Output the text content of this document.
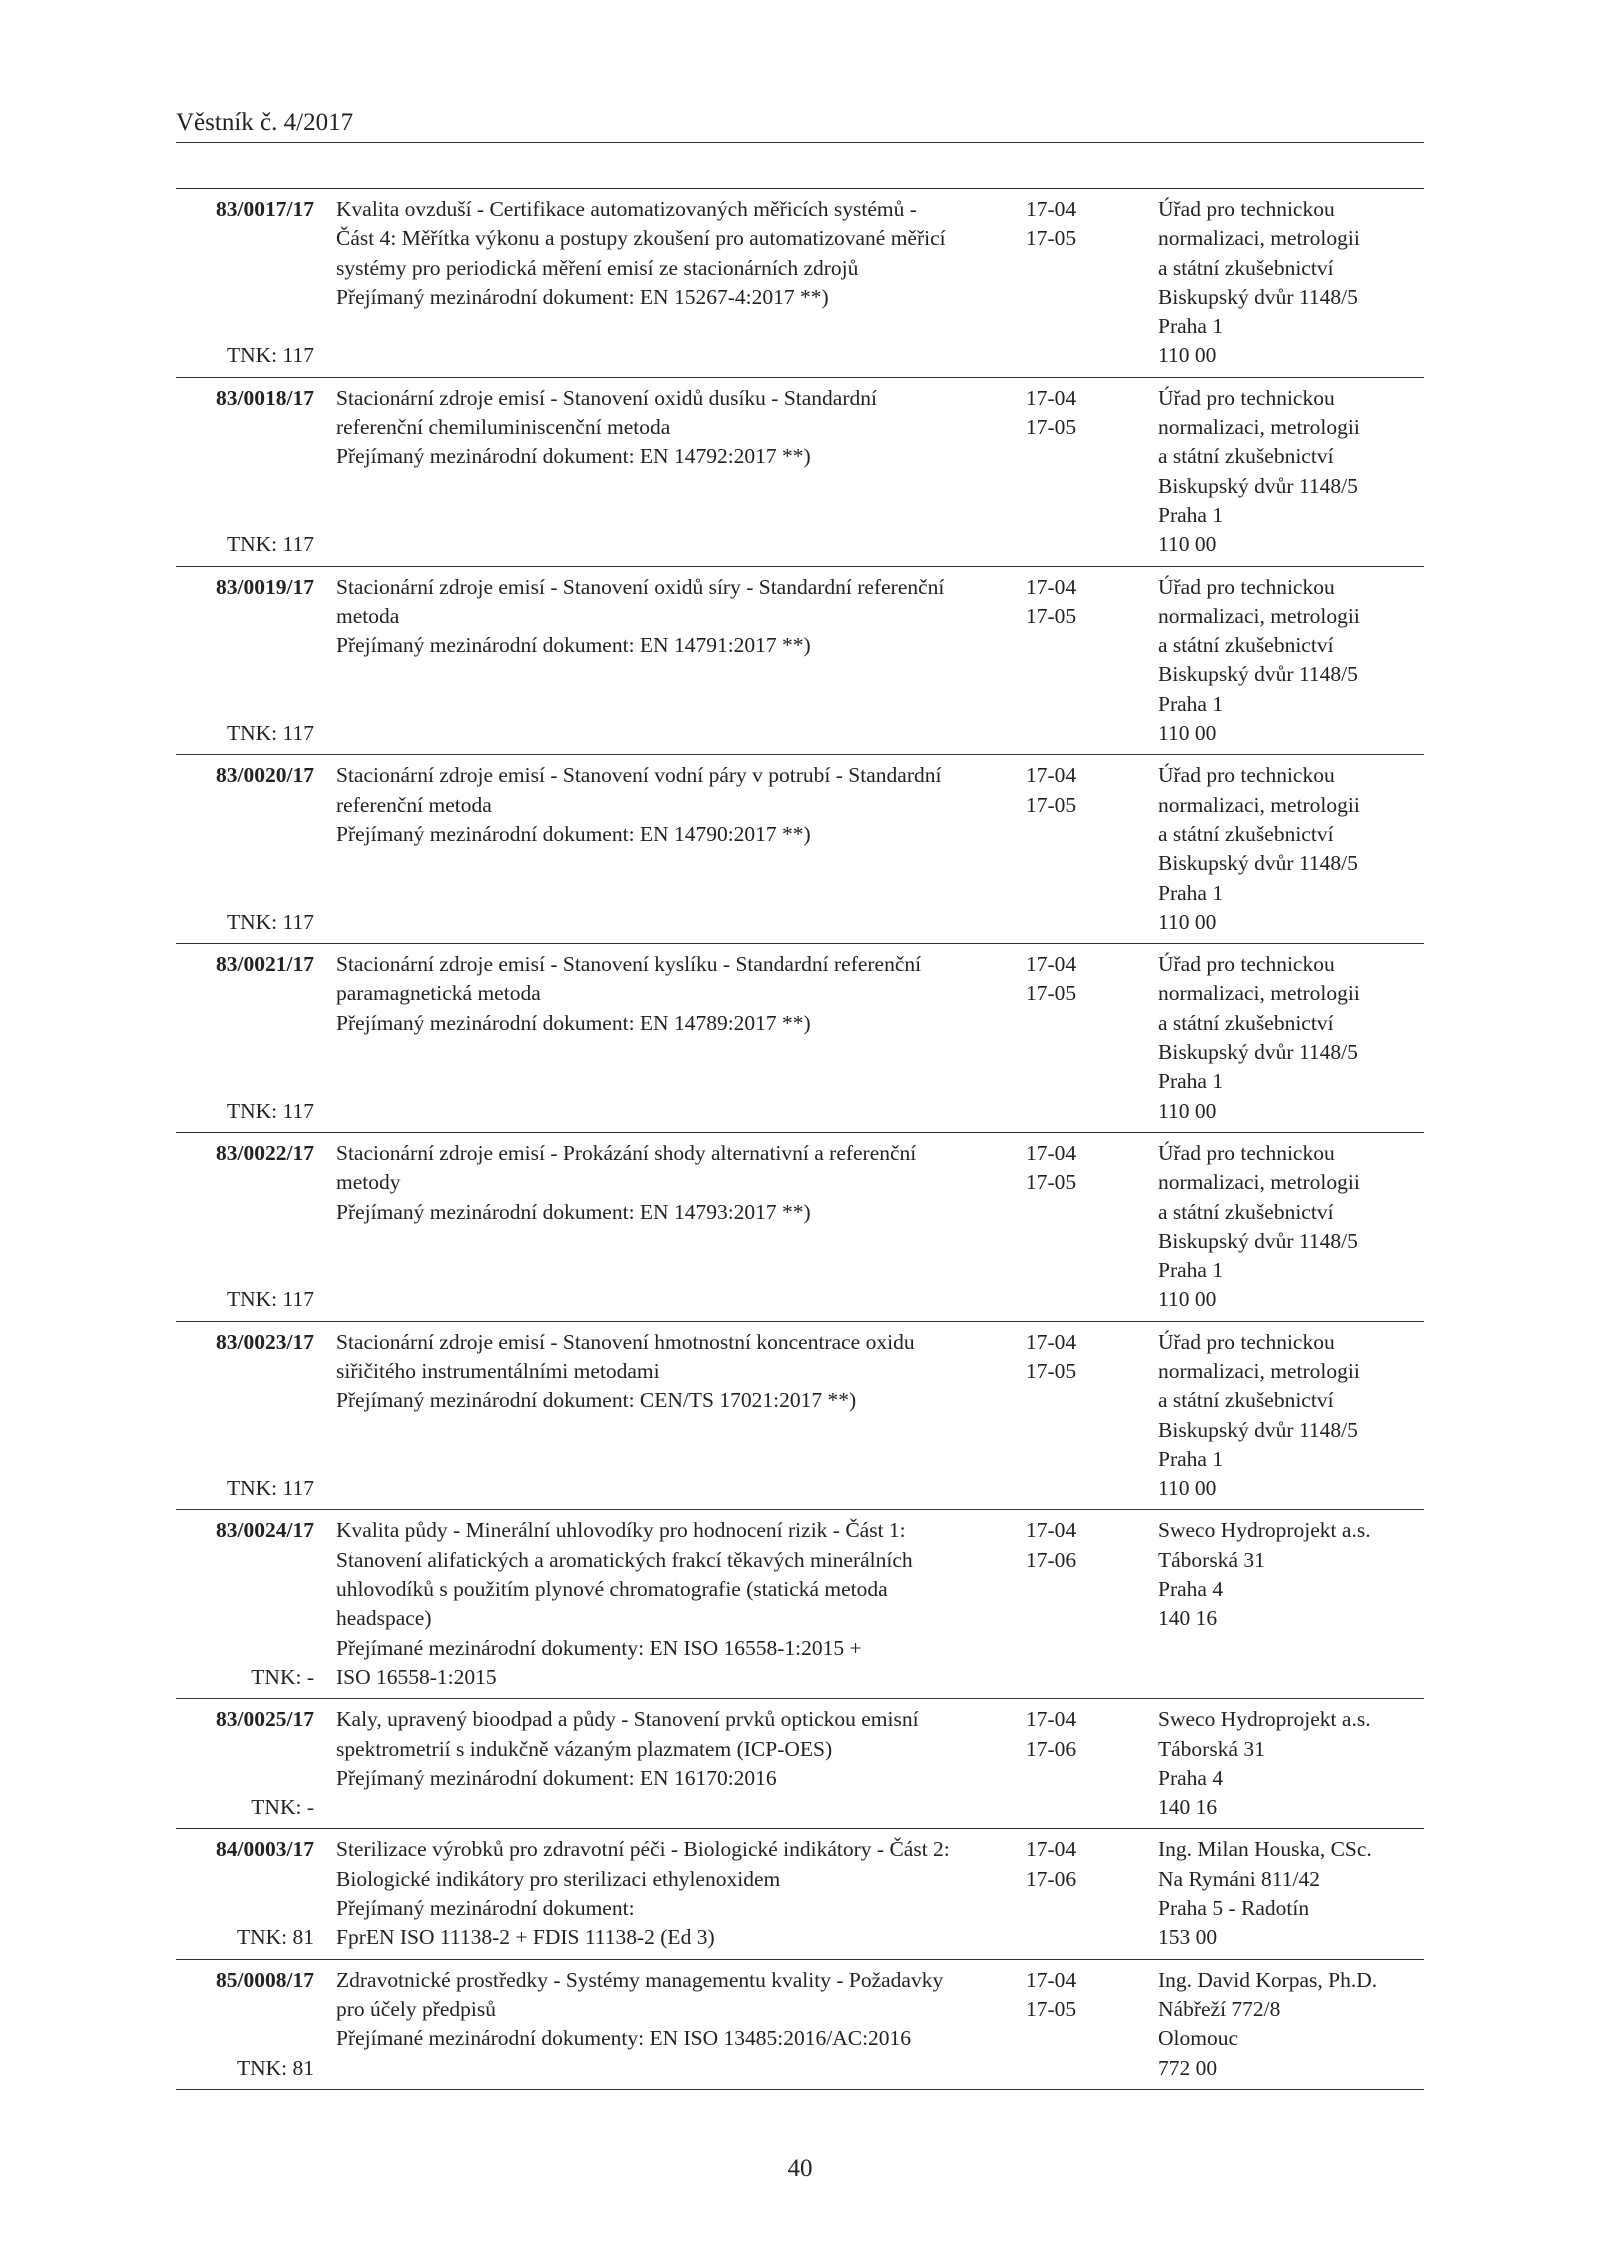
Věstník č. 4/2017
83/0017/17
TNK: 117
Kvalita ovzduší - Certifikace automatizovaných měřicích systémů -
Část 4: Měřítka výkonu a postupy zkoušení pro automatizované měřicí
systémy pro periodická měření emisí ze stacionárních zdrojů
Přejímaný mezinárodní dokument: EN 15267-4:2017 **)
17-04
17-05
Úřad pro technickou
normalizaci, metrologii
a státní zkušebnictví
Biskupský dvůr 1148/5
Praha 1
110 00
83/0018/17
TNK: 117
Stacionární zdroje emisí - Stanovení oxidů dusíku - Standardní
referenční chemiluminiscenční metoda
Přejímaný mezinárodní dokument: EN 14792:2017 **)
17-04
17-05
Úřad pro technickou
normalizaci, metrologii
a státní zkušebnictví
Biskupský dvůr 1148/5
Praha 1
110 00
83/0019/17
TNK: 117
Stacionární zdroje emisí - Stanovení oxidů síry - Standardní referenční
metoda
Přejímaný mezinárodní dokument: EN 14791:2017 **)
17-04
17-05
Úřad pro technickou
normalizaci, metrologii
a státní zkušebnictví
Biskupský dvůr 1148/5
Praha 1
110 00
83/0020/17
TNK: 117
Stacionární zdroje emisí - Stanovení vodní páry v potrubí - Standardní
referenční metoda
Přejímaný mezinárodní dokument: EN 14790:2017 **)
17-04
17-05
Úřad pro technickou
normalizaci, metrologii
a státní zkušebnictví
Biskupský dvůr 1148/5
Praha 1
110 00
83/0021/17
TNK: 117
Stacionární zdroje emisí - Stanovení kyslíku - Standardní referenční
paramagnetická metoda
Přejímaný mezinárodní dokument: EN 14789:2017 **)
17-04
17-05
Úřad pro technickou
normalizaci, metrologii
a státní zkušebnictví
Biskupský dvůr 1148/5
Praha 1
110 00
83/0022/17
TNK: 117
Stacionární zdroje emisí - Prokázání shody alternativní a referenční
metody
Přejímaný mezinárodní dokument: EN 14793:2017 **)
17-04
17-05
Úřad pro technickou
normalizaci, metrologii
a státní zkušebnictví
Biskupský dvůr 1148/5
Praha 1
110 00
83/0023/17
TNK: 117
Stacionární zdroje emisí - Stanovení hmotnostní koncentrace oxidu
siřičitého instrumentálními metodami
Přejímaný mezinárodní dokument: CEN/TS 17021:2017 **)
17-04
17-05
Úřad pro technickou
normalizaci, metrologii
a státní zkušebnictví
Biskupský dvůr 1148/5
Praha 1
110 00
83/0024/17
TNK: -
Kvalita půdy - Minerální uhlovodíky pro hodnocení rizik - Část 1:
Stanovení alifatických a aromatických frakcí těkavých minerálních
uhlovodíků s použitím plynové chromatografie (statická metoda
headspace)
Přejímané mezinárodní dokumenty: EN ISO 16558-1:2015 +
ISO 16558-1:2015
17-04
17-06
Sweco Hydroprojekt a.s.
Táborská 31
Praha 4
140 16
83/0025/17
TNK: -
Kaly, upravený bioodpad a půdy - Stanovení prvků optickou emisní
spektrometrií s indukčně vázaným plazmatem (ICP-OES)
Přejímaný mezinárodní dokument: EN 16170:2016
17-04
17-06
Sweco Hydroprojekt a.s.
Táborská 31
Praha 4
140 16
84/0003/17
TNK: 81
Sterilizace výrobků pro zdravotní péči - Biologické indikátory - Část 2:
Biologické indikátory pro sterilizaci ethylenoxidem
Přejímaný mezinárodní dokument:
FprEN ISO 11138-2 + FDIS 11138-2 (Ed 3)
17-04
17-06
Ing. Milan Houska, CSc.
Na Rymáni 811/42
Praha 5 - Radotín
153 00
85/0008/17
TNK: 81
Zdravotnické prostředky - Systémy managementu kvality - Požadavky
pro účely předpisů
Přejímané mezinárodní dokumenty: EN ISO 13485:2016/AC:2016
17-04
17-05
Ing. David Korpas, Ph.D.
Nábřeží 772/8
Olomouc
772 00
40
